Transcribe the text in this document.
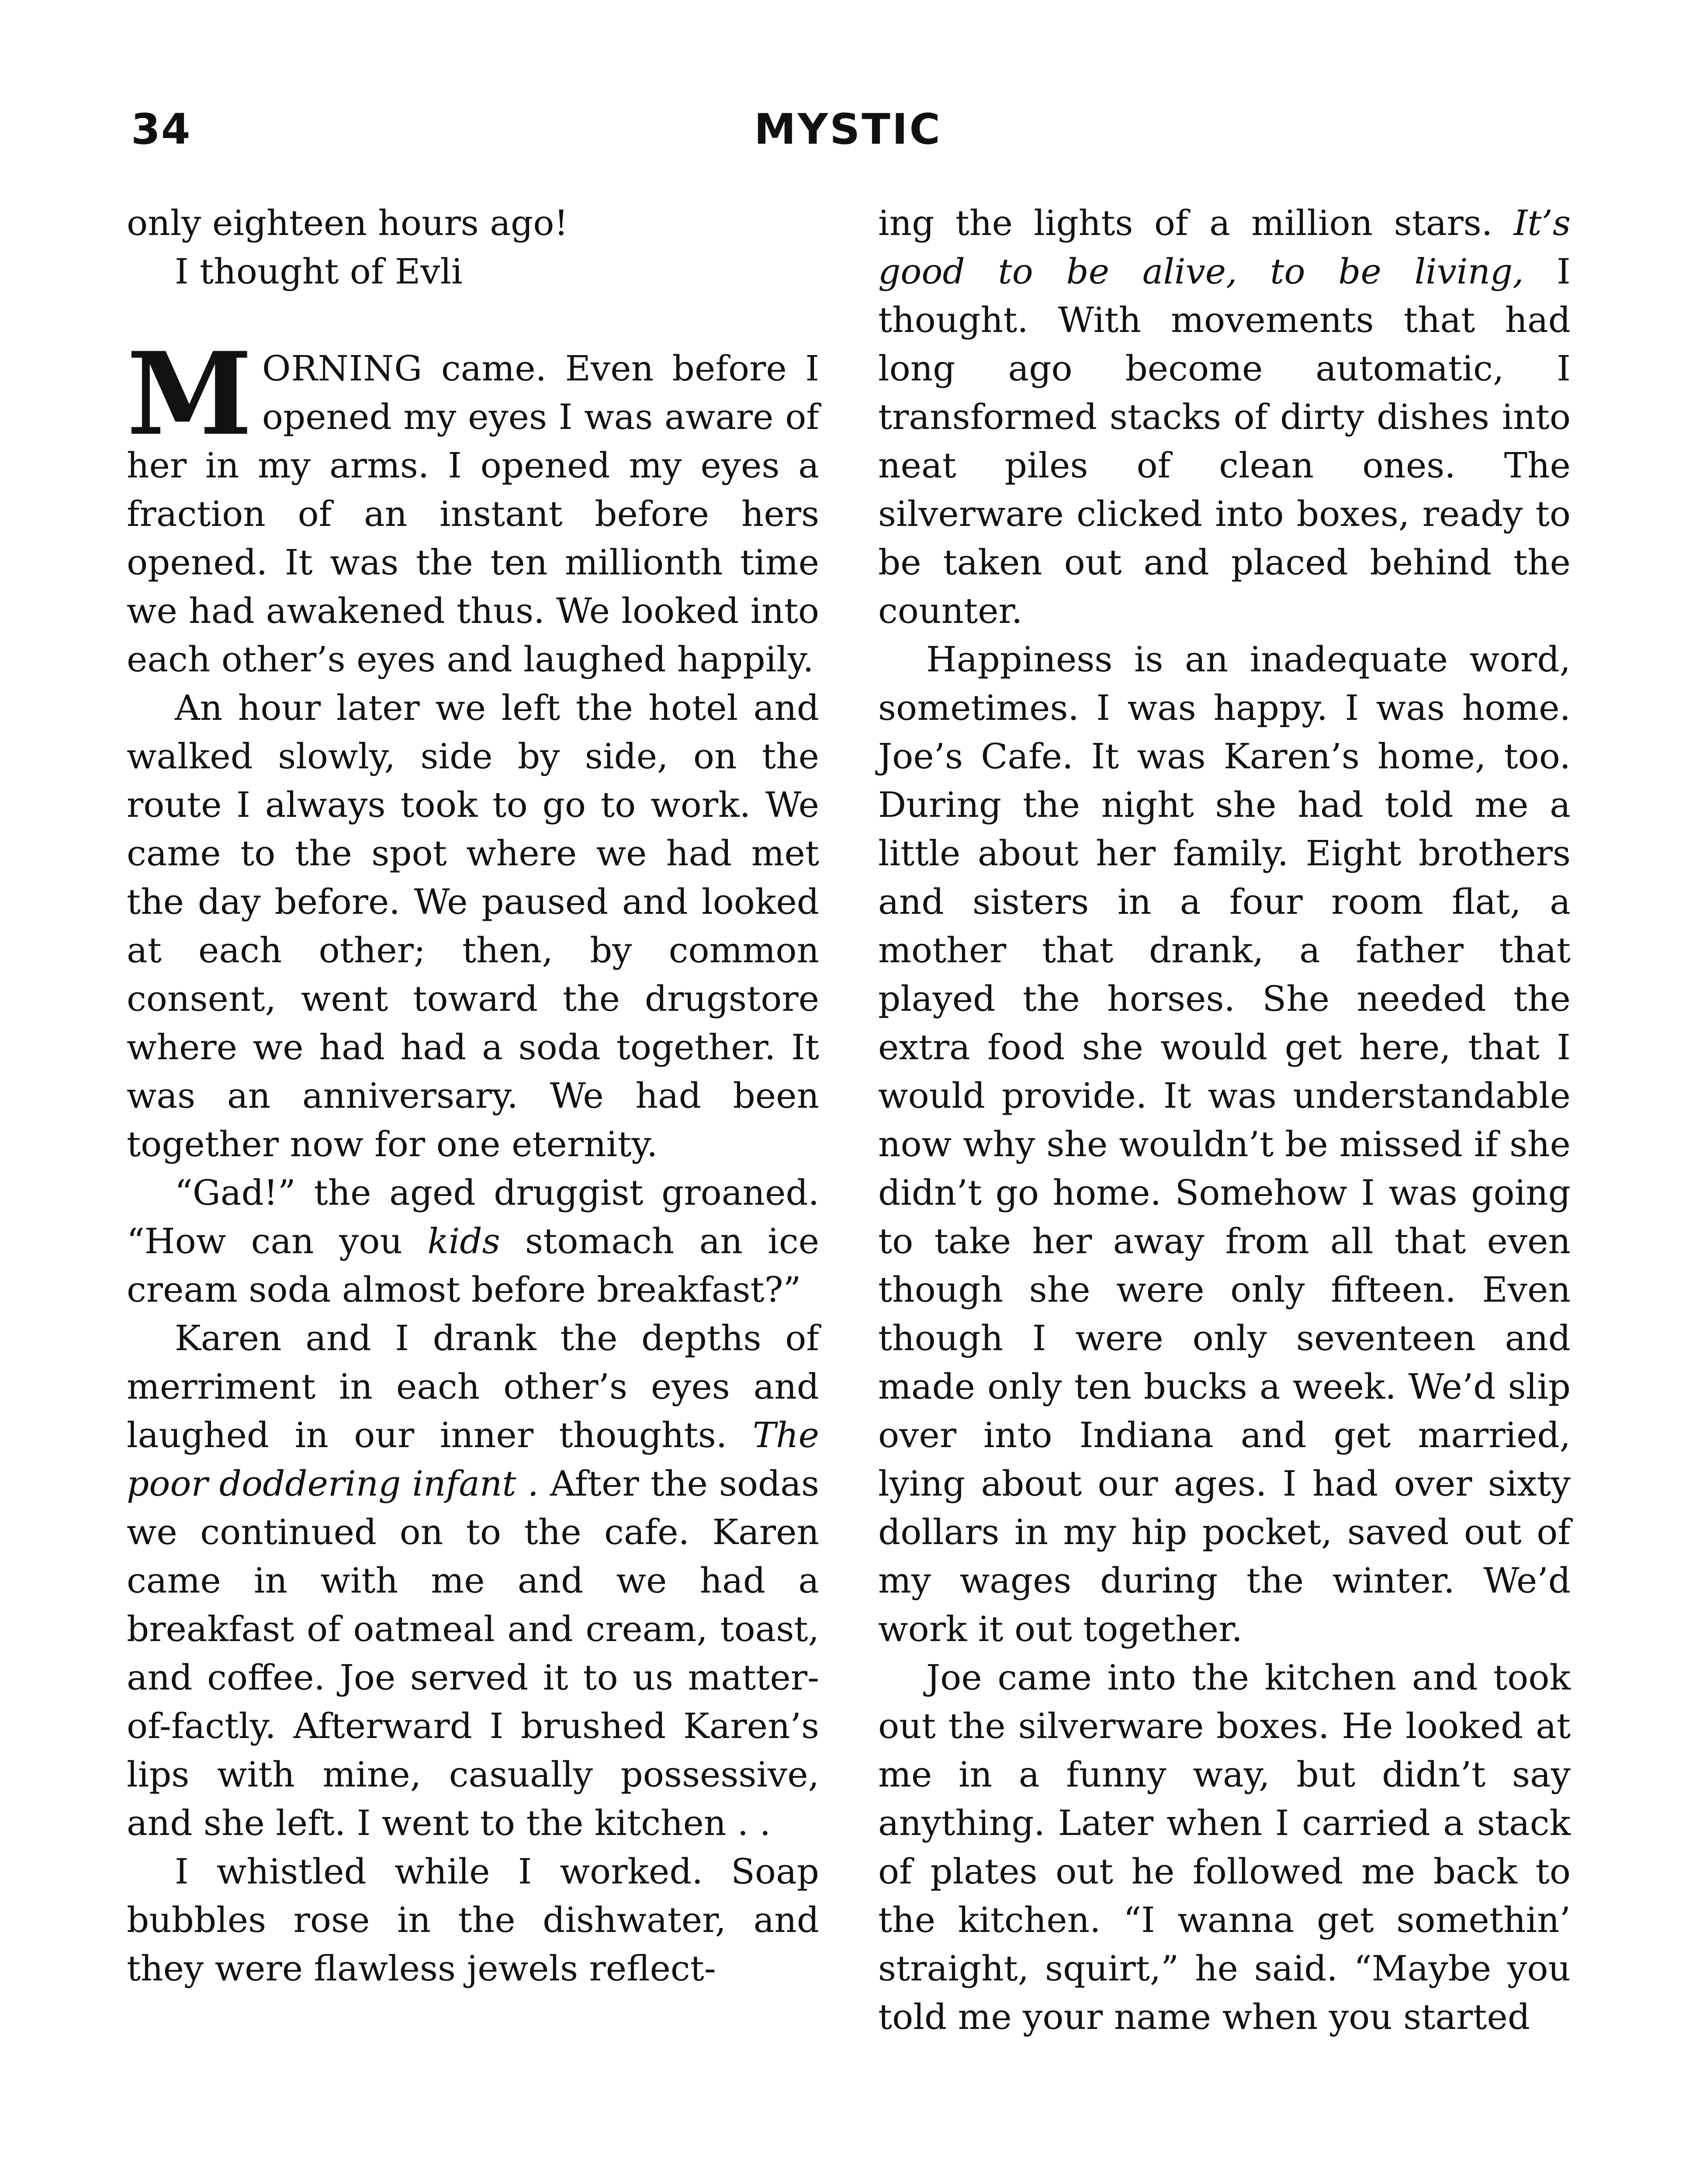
34	MYSTIC

only eighteen hours ago!

I thought of Evli

MORNING came. Even before I opened my eyes I was aware of her in my arms. I opened my eyes a fraction of an instant before hers opened. It was the ten millionth time we had awakened thus. We looked into each other’s eyes and laughed happily.

An hour later we left the hotel and walked slowly, side by side, on the route I always took to go to work. We came to the spot where we had met the day before. We paused and looked at each other; then, by common consent, went toward the drugstore where we had had a soda together. It was an anniversary. We had been together now for one eternity.

“Gad!” the aged druggist groaned. “How can you kids stomach an ice cream soda almost before breakfast?”

Karen and I drank the depths of merriment in each other’s eyes and laughed in our inner thoughts. The poor doddering infant . After the sodas we continued on to the cafe. Karen came in with me and we had a breakfast of oatmeal and cream, toast, and coffee. Joe served it to us matter-of-factly. Afterward I brushed Karen’s lips with mine, casually possessive, and she left. I went to the kitchen . .

I whistled while I worked. Soap bubbles rose in the dishwater, and they were flawless jewels reflect-

ing the lights of a million stars. It’s good to be alive, to be living, I thought. With movements that had long ago become automatic, I transformed stacks of dirty dishes into neat piles of clean ones. The silverware clicked into boxes, ready to be taken out and placed behind the counter.

Happiness is an inadequate word, sometimes. I was happy. I was home. Joe’s Cafe. It was Karen’s home, too. During the night she had told me a little about her family. Eight brothers and sisters in a four room flat, a mother that drank, a father that played the horses. She needed the extra food she would get here, that I would provide. It was understandable now why she wouldn’t be missed if she didn’t go home. Somehow I was going to take her away from all that even though she were only fifteen. Even though I were only seventeen and made only ten bucks a week. We’d slip over into Indiana and get married, lying about our ages. I had over sixty dollars in my hip pocket, saved out of my wages during the winter. We’d work it out together.

Joe came into the kitchen and took out the silverware boxes. He looked at me in a funny way, but didn’t say anything. Later when I carried a stack of plates out he followed me back to the kitchen. “I wanna get somethin’ straight, squirt,” he said. “Maybe you told me your name when you started
